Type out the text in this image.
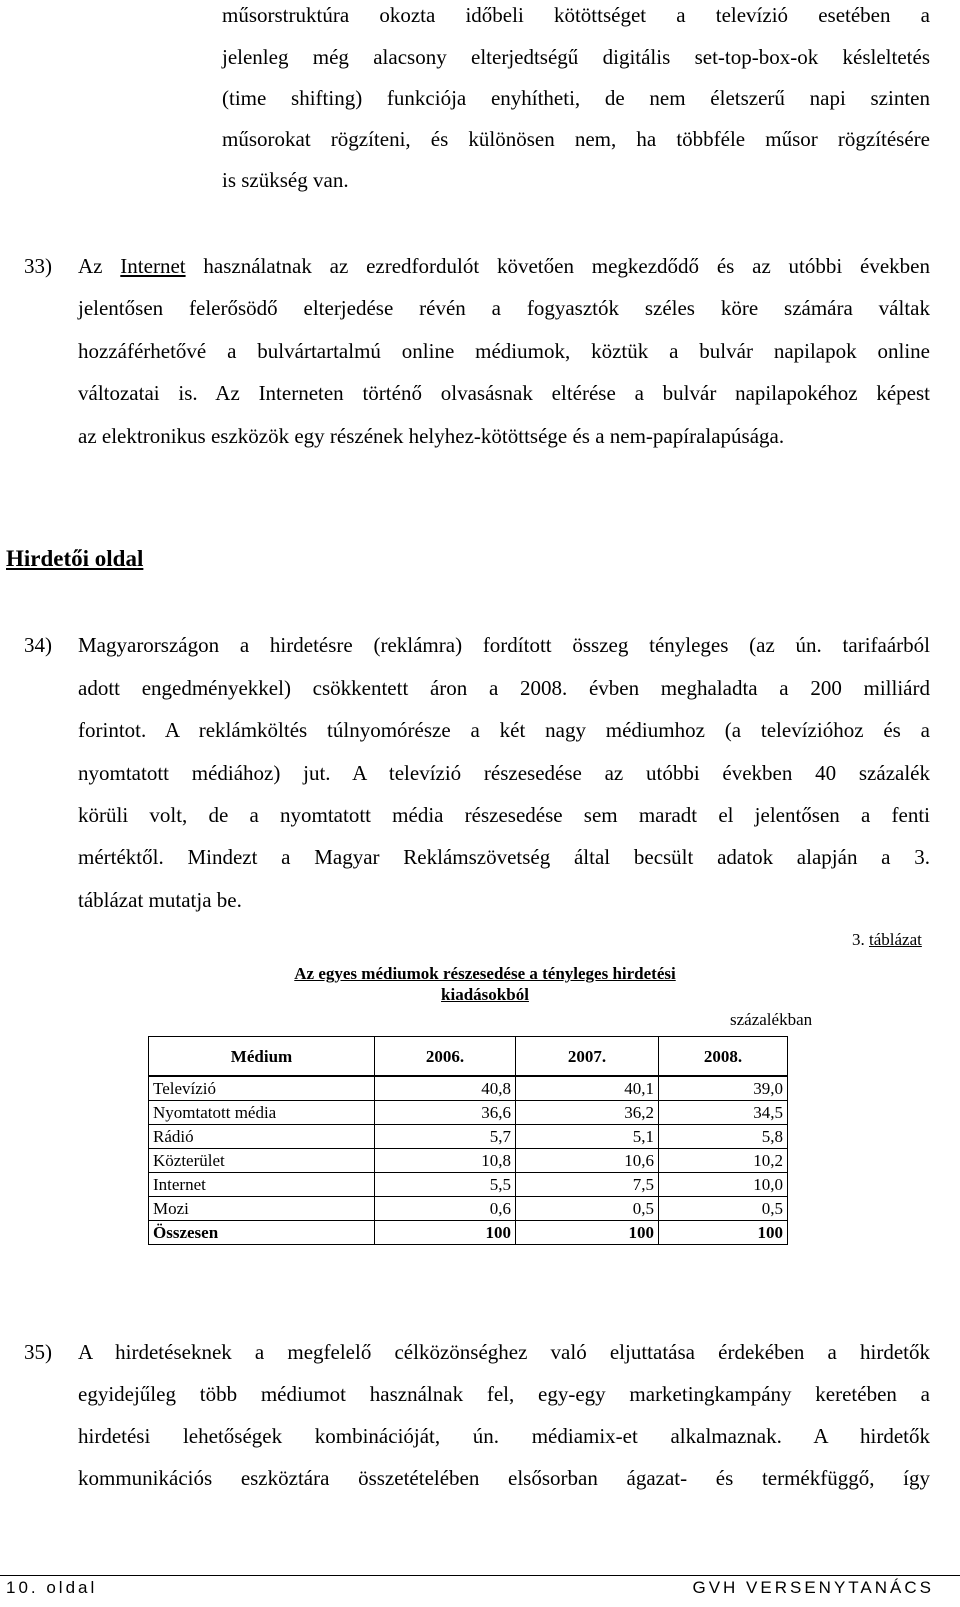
műsorstruktúra okozta időbeli kötöttséget a televízió esetében a
jelenleg még alacsony elterjedtségű digitális set-top-box-ok késleltetés
(time shifting) funkciója enyhítheti, de nem életszerű napi szinten
műsorokat rögzíteni, és különösen nem, ha többféle műsor rögzítésére
is szükség van.
33) Az Internet használatnak az ezredfordulót követően megkezdődő és az utóbbi években
jelentősen felerősödő elterjedése révén a fogyasztók széles köre számára váltak
hozzáférhetővé a bulvártartalmú online médiumok, köztük a bulvár napilapok online
változatai is. Az Interneten történő olvasásnak eltérése a bulvár napilapokéhoz képest
az elektronikus eszközök egy részének helyhez-kötöttsége és a nem-papíralapúsága.
Hirdetői oldal
34) Magyarországon a hirdetésre (reklámra) fordított összeg tényleges (az ún. tarifaárból
adott engedményekkel) csökkentett áron a 2008. évben meghaladta a 200 milliárd
forintot. A reklámköltés túlnyomórésze a két nagy médiumhoz (a televízióhoz és a
nyomtatott médiához) jut. A televízió részesedése az utóbbi években 40 százalék
körüli volt, de a nyomtatott média részesedése sem maradt el jelentősen a fenti
mértéktől. Mindezt a Magyar Reklámszövetség által becsült adatok alapján a 3.
táblázat mutatja be.
3. táblázat
Az egyes médiumok részesedése a tényleges hirdetési
kiadásokból
százalékban
Médium	2006.	2007.	2008.
Televízió	40,8	40,1	39,0
Nyomtatott média	36,6	36,2	34,5
Rádió	5,7	5,1	5,8
Közterület	10,8	10,6	10,2
Internet	5,5	7,5	10,0
Mozi	0,6	0,5	0,5
Összesen	100	100	100
35) A hirdetéseknek a megfelelő célközönséghez való eljuttatása érdekében a hirdetők
egyidejűleg több médiumot használnak fel, egy-egy marketingkampány keretében a
hirdetési lehetőségek kombinációját, ún. médiamix-et alkalmaznak. A hirdetők
kommunikációs eszköztára összetételében elsősorban ágazat- és termékfüggő, így
10. oldal	GVH VERSENYTANÁCS
